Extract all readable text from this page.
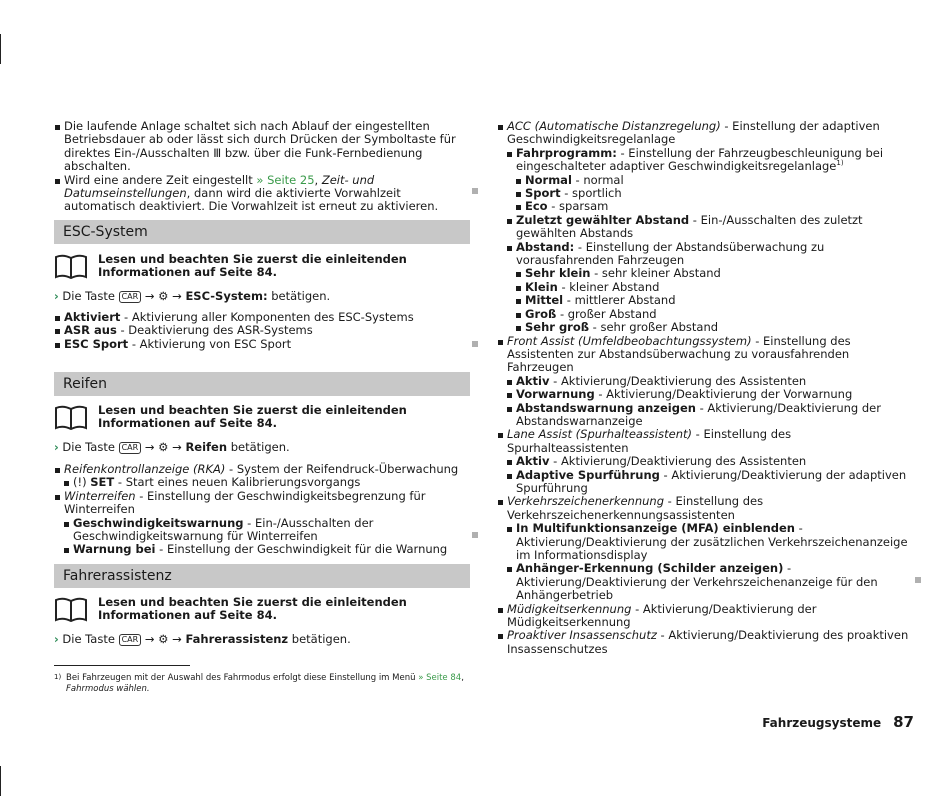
Die laufende Anlage schaltet sich nach Ablauf der eingestellten Betriebsdauer ab oder lässt sich durch Drücken der Symboltaste für direktes Ein-/Ausschalten Ⅲ bzw. über die Funk-Fernbedienung abschalten.

Wird eine andere Zeit eingestellt » Seite 25, Zeit- und Datumseinstellungen, dann wird die aktivierte Vorwahlzeit automatisch deaktiviert. Die Vorwahlzeit ist erneut zu aktivieren.

ESC-System
Lesen und beachten Sie zuerst die einleitenden Informationen auf Seite 84.
› Die Taste CAR → ⚙ → ESC-System: betätigen.

Aktiviert - Aktivierung aller Komponenten des ESC-Systems

ASR aus - Deaktivierung des ASR-Systems

ESC Sport - Aktivierung von ESC Sport

Reifen
Lesen und beachten Sie zuerst die einleitenden Informationen auf Seite 84.
› Die Taste CAR → ⚙ → Reifen betätigen.

Reifenkontrollanzeige (RKA) - System der Reifendruck-Überwachung

(!) SET - Start eines neuen Kalibrierungsvorgangs

Winterreifen - Einstellung der Geschwindigkeitsbegrenzung für Winterreifen

Geschwindigkeitswarnung - Ein-/Ausschalten der Geschwindigkeitswarnung für Winterreifen

Warnung bei - Einstellung der Geschwindigkeit für die Warnung

Fahrerassistenz
Lesen und beachten Sie zuerst die einleitenden Informationen auf Seite 84.
› Die Taste CAR → ⚙ → Fahrerassistenz betätigen.
1) Bei Fahrzeugen mit der Auswahl des Fahrmodus erfolgt diese Einstellung im Menü » Seite 84, Fahrmodus wählen.

ACC (Automatische Distanzregelung) - Einstellung der adaptiven Geschwindigkeitsregelanlage

Fahrprogramm: - Einstellung der Fahrzeugbeschleunigung bei eingeschalteter adaptiver Geschwindigkeitsregelanlage$^{1)}$

Normal - normal

Sport - sportlich

Eco - sparsam

Zuletzt gewählter Abstand - Ein-/Ausschalten des zuletzt gewählten Abstands

Abstand: - Einstellung der Abstandsüberwachung zu vorausfahrenden Fahrzeugen

Sehr klein - sehr kleiner Abstand

Klein - kleiner Abstand

Mittel - mittlerer Abstand

Groß - großer Abstand

Sehr groß - sehr großer Abstand

Front Assist (Umfeldbeobachtungssystem) - Einstellung des Assistenten zur Abstandsüberwachung zu vorausfahrenden Fahrzeugen

Aktiv - Aktivierung/Deaktivierung des Assistenten

Vorwarnung - Aktivierung/Deaktivierung der Vorwarnung

Abstandswarnung anzeigen - Aktivierung/Deaktivierung der Abstandswarnanzeige

Lane Assist (Spurhalteassistent) - Einstellung des Spurhalteassistenten

Aktiv - Aktivierung/Deaktivierung des Assistenten

Adaptive Spurführung - Aktivierung/Deaktivierung der adaptiven Spurführung

Verkehrszeichenerkennung - Einstellung des Verkehrszeichenerkennungsassistenten

In Multifunktionsanzeige (MFA) einblenden - Aktivierung/Deaktivierung der zusätzlichen Verkehrszeichenanzeige im Informationsdisplay

Anhänger-Erkennung (Schilder anzeigen) - Aktivierung/Deaktivierung der Verkehrszeichenanzeige für den Anhängerbetrieb

Müdigkeitserkennung - Aktivierung/Deaktivierung der Müdigkeitserkennung

Proaktiver Insassenschutz - Aktivierung/Deaktivierung des proaktiven Insassenschutzes

Fahrzeugsysteme 87
